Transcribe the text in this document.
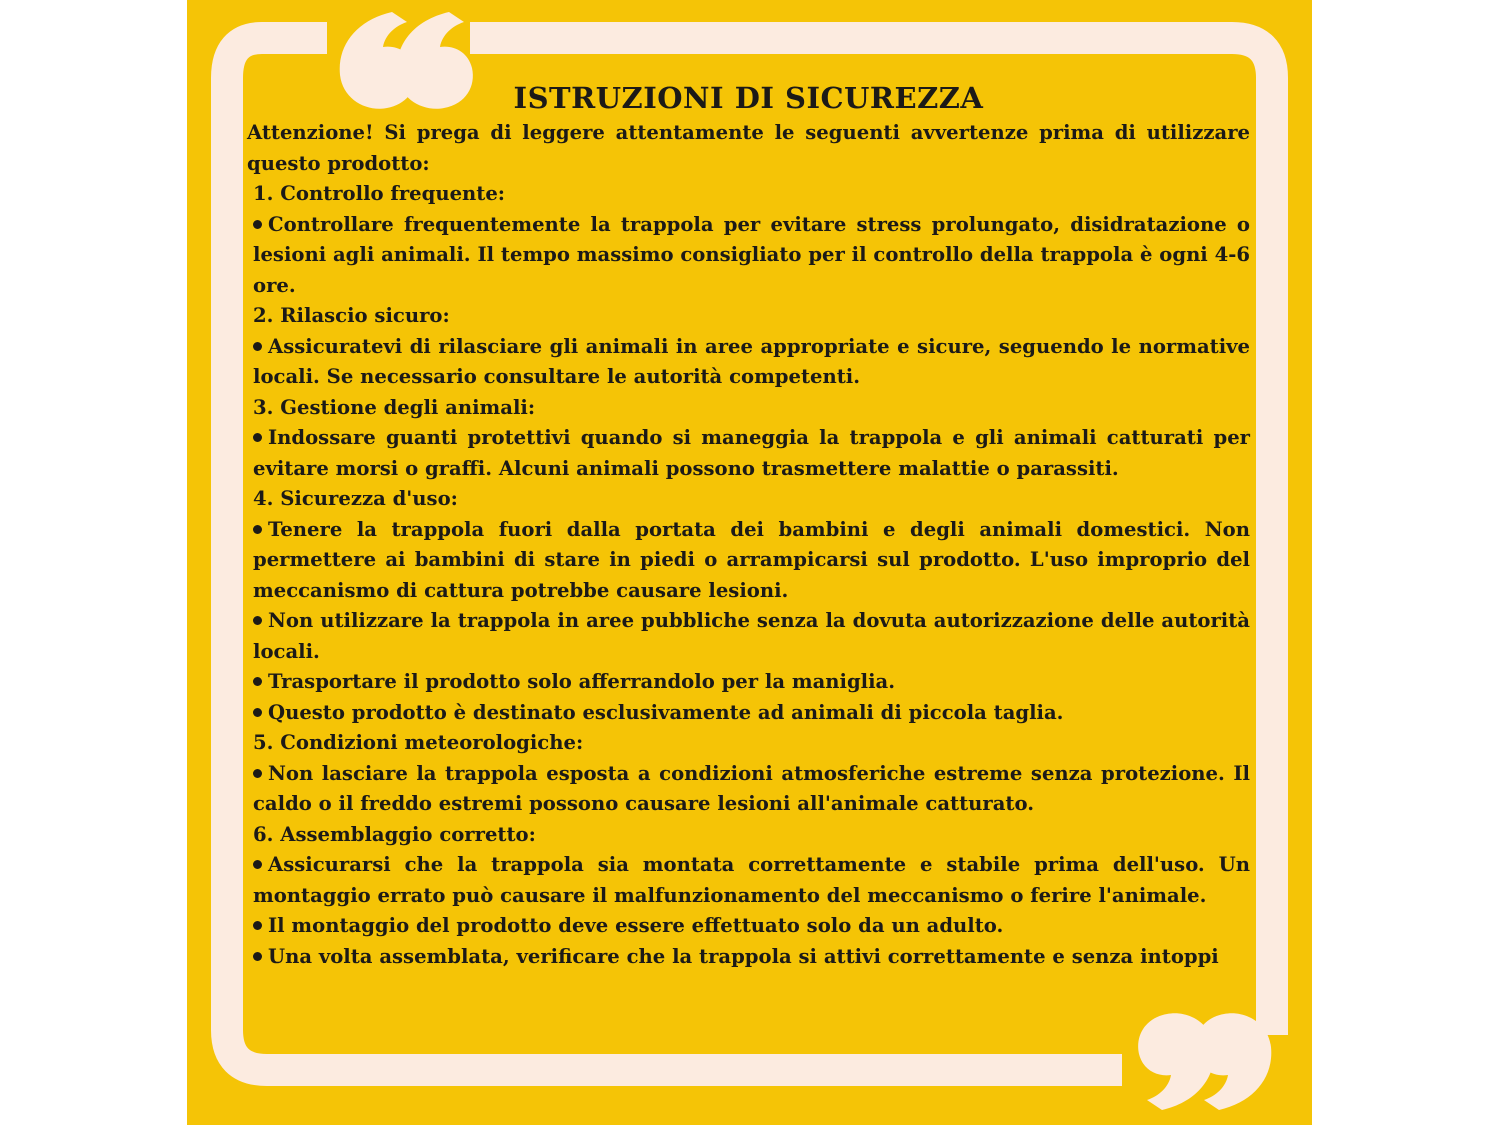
ISTRUZIONI DI SICUREZZA

Attenzione! Si prega di leggere attentamente le seguenti avvertenze prima di utilizzare questo prodotto:

1. Controllo frequente:

Controllare frequentemente la trappola per evitare stress prolungato, disidratazione o lesioni agli animali. Il tempo massimo consigliato per il controllo della trappola è ogni 4-6 ore.

2. Rilascio sicuro:

Assicuratevi di rilasciare gli animali in aree appropriate e sicure, seguendo le normative locali. Se necessario consultare le autorità competenti.

3. Gestione degli animali:

Indossare guanti protettivi quando si maneggia la trappola e gli animali catturati per evitare morsi o graffi. Alcuni animali possono trasmettere malattie o parassiti.

4. Sicurezza d'uso:

Tenere la trappola fuori dalla portata dei bambini e degli animali domestici. Non permettere ai bambini di stare in piedi o arrampicarsi sul prodotto. L'uso improprio del meccanismo di cattura potrebbe causare lesioni.

Non utilizzare la trappola in aree pubbliche senza la dovuta autorizzazione delle autorità locali.

Trasportare il prodotto solo afferrandolo per la maniglia.

Questo prodotto è destinato esclusivamente ad animali di piccola taglia.

5. Condizioni meteorologiche:

Non lasciare la trappola esposta a condizioni atmosferiche estreme senza protezione. Il caldo o il freddo estremi possono causare lesioni all'animale catturato.

6. Assemblaggio corretto:

Assicurarsi che la trappola sia montata correttamente e stabile prima dell'uso. Un montaggio errato può causare il malfunzionamento del meccanismo o ferire l'animale.

Il montaggio del prodotto deve essere effettuato solo da un adulto.

Una volta assemblata, verificare che la trappola si attivi correttamente e senza intoppi
